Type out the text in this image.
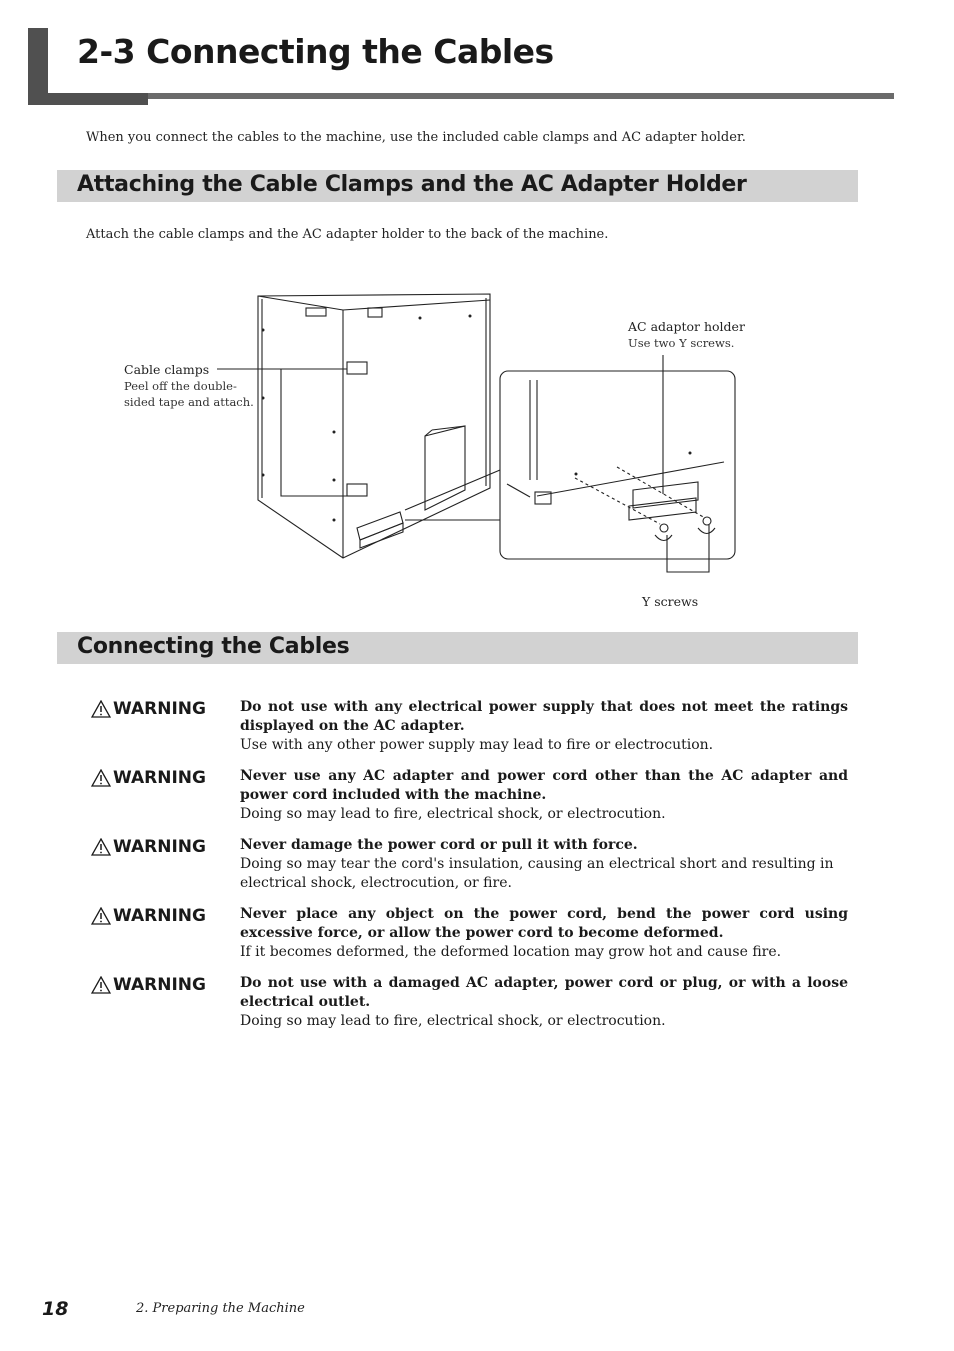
2-3 Connecting the Cables
When you connect the cables to the machine, use the included cable clamps and AC adapter holder.
Attaching the Cable Clamps and the AC Adapter Holder
Attach the cable clamps and the AC adapter holder to the back of the machine.
Cable clamps
Peel off the double-
sided tape and attach.
AC adaptor holder
Use two Y screws.
Y screws
Connecting the Cables
WARNING Do not use with any electrical power supply that does not meet the ratings displayed on the AC adapter.
Use with any other power supply may lead to fire or electrocution.
WARNING Never use any AC adapter and power cord other than the AC adapter and power cord included with the machine.
Doing so may lead to fire, electrical shock, or electrocution.
WARNING Never damage the power cord or pull it with force.
Doing so may tear the cord's insulation, causing an electrical short and resulting in electrical shock, electrocution, or fire.
WARNING Never place any object on the power cord, bend the power cord using excessive force, or allow the power cord to become deformed.
If it becomes deformed, the deformed location may grow hot and cause fire.
WARNING Do not use with a damaged AC adapter, power cord or plug, or with a loose electrical outlet.
Doing so may lead to fire, electrical shock, or electrocution.
18	2. Preparing the Machine
